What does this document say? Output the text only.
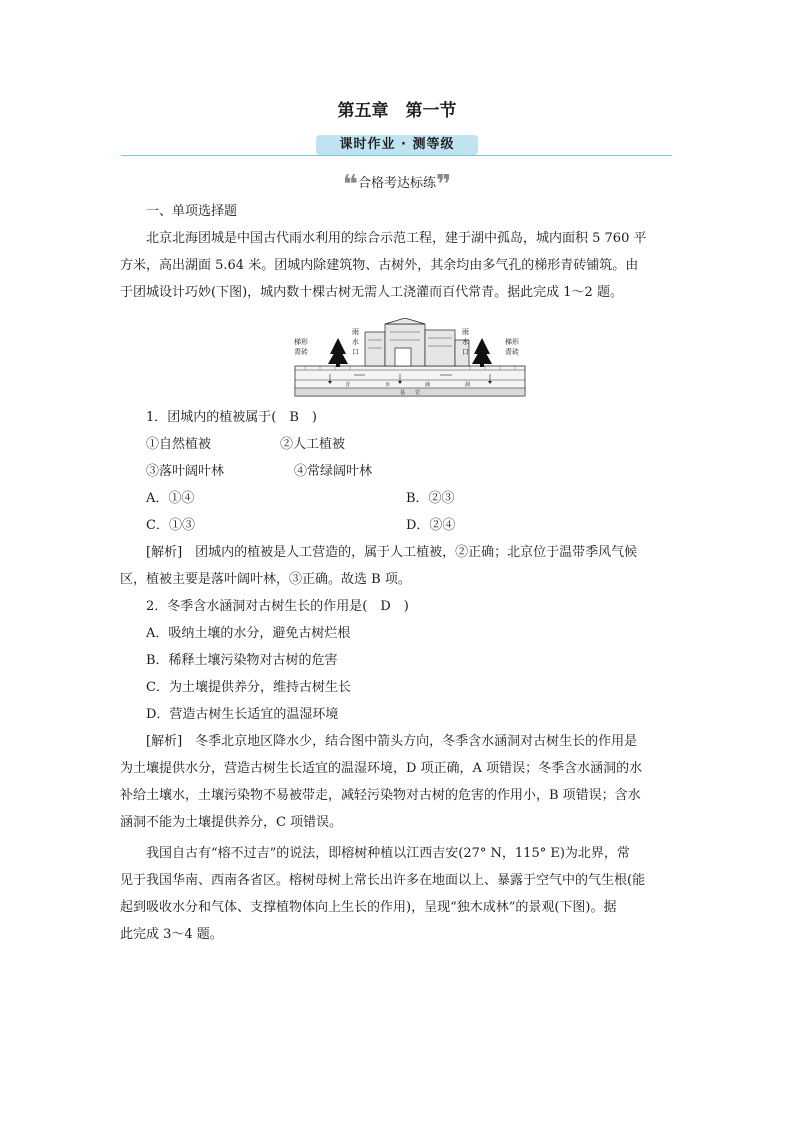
第五章　第一节
课时作业 · 测等级
❝合格考达标练❞
一、单项选择题
北京北海团城是中国古代雨水利用的综合示范工程，建于湖中孤岛，城内面积 5 760 平
方米，高出湖面 5.64 米。团城内除建筑物、古树外，其余均由多气孔的梯形青砖铺筑。由
于团城设计巧妙(下图)，城内数十棵古树无需人工浇灌而百代常青。据此完成 1～2 题。
梯形
青砖
梯形
青砖
雨
水
口
雨
水
口
含	水	涵	洞
基　　岩
1．团城内的植被属于(　B　)
①自然植被	②人工植被
③落叶阔叶林	④常绿阔叶林
A．①④	B．②③
C．①③	D．②④
[解析]　团城内的植被是人工营造的，属于人工植被，②正确；北京位于温带季风气候
区，植被主要是落叶阔叶林，③正确。故选 B 项。
2．冬季含水涵洞对古树生长的作用是(　D　)
A．吸纳土壤的水分，避免古树烂根
B．稀释土壤污染物对古树的危害
C．为土壤提供养分，维持古树生长
D．营造古树生长适宜的温湿环境
[解析]　冬季北京地区降水少，结合图中箭头方向，冬季含水涵洞对古树生长的作用是
为土壤提供水分，营造古树生长适宜的温湿环境，D 项正确，A 项错误；冬季含水涵洞的水
补给土壤水，土壤污染物不易被带走，减轻污染物对古树的危害的作用小，B 项错误；含水
涵洞不能为土壤提供养分，C 项错误。
我国自古有“榕不过吉”的说法，即榕树种植以江西吉安(27° N，115° E)为北界，常
见于我国华南、西南各省区。榕树母树上常长出许多在地面以上、暴露于空气中的气生根(能
起到吸收水分和气体、支撑植物体向上生长的作用)，呈现“独木成林”的景观(下图)。据
此完成 3～4 题。
